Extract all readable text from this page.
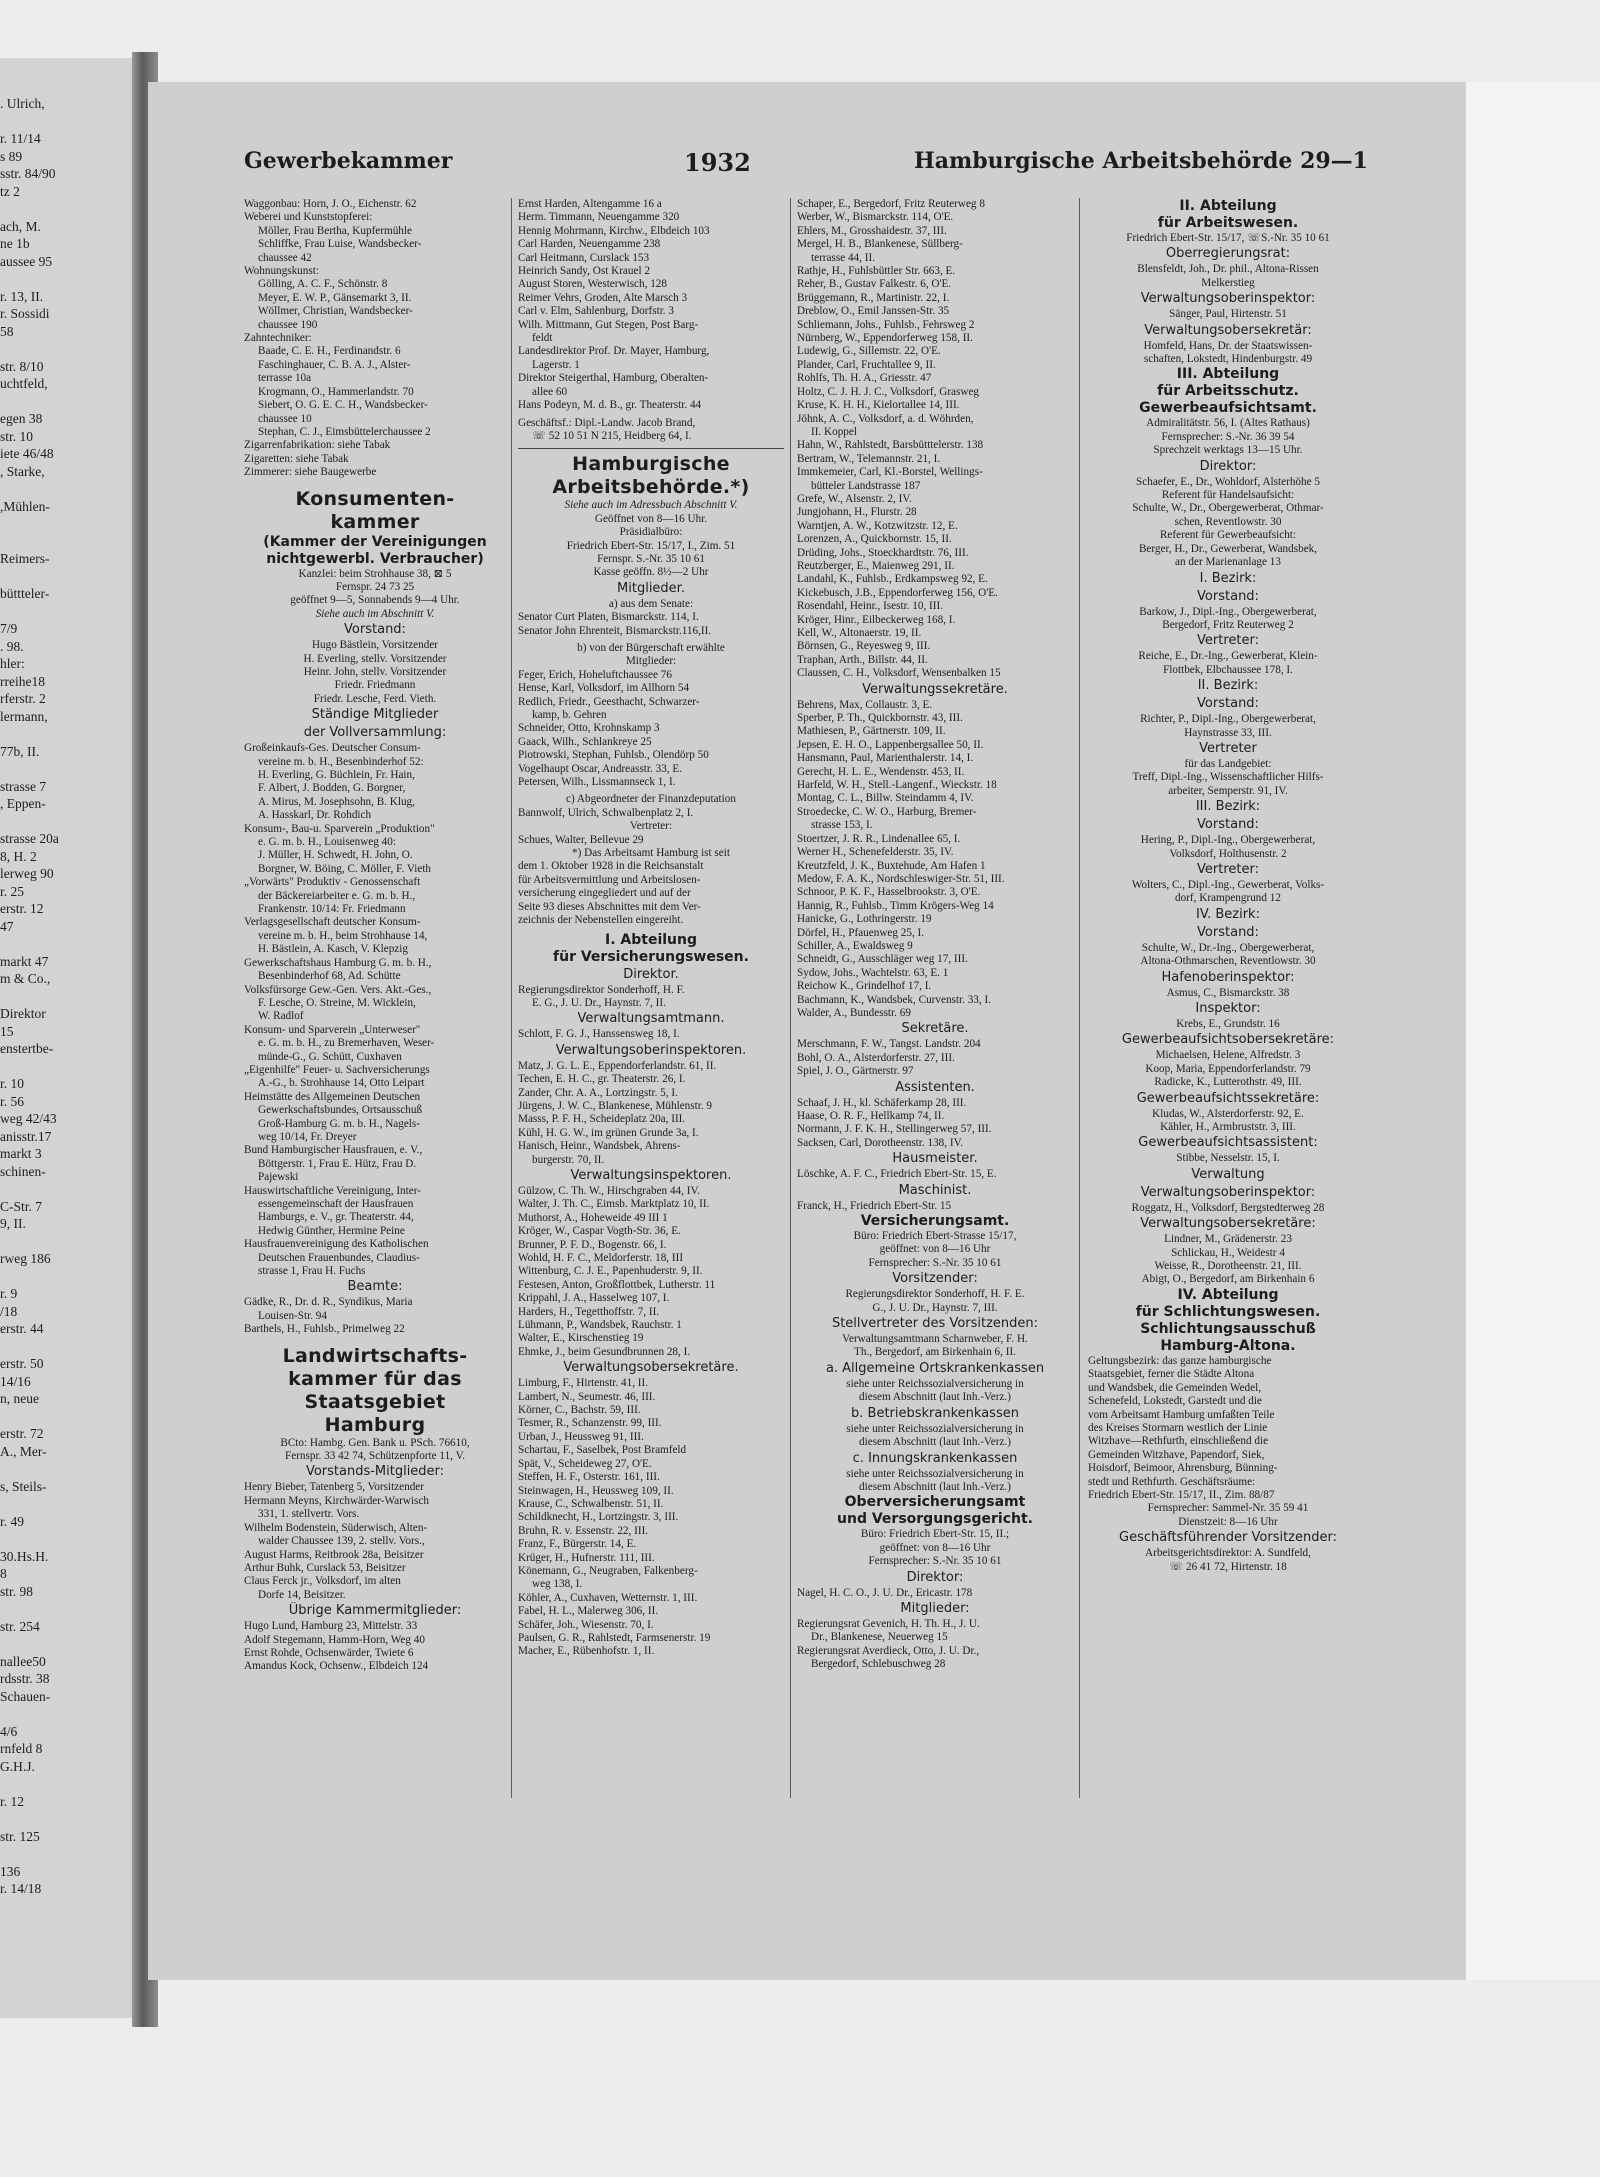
. Ulrich,
r. 11/14
s 89
sstr. 84/90
tz 2
ach, M.
ne 1b
aussee 95
r. 13, II.
r. Sossidi
58
str. 8/10
uchtfeld,
egen 38
str. 10
iete 46/48
, Starke,
,Mühlen-
Reimers-
büttteler-
7/9
. 98.
hler:
rreihe18
rferstr. 2
lermann,
77b, II.
strasse 7
, Eppen-
strasse 20a
8, H. 2
lerweg 90
r. 25
erstr. 12
47
markt 47
m & Co.,
Direktor
15
enstertbe-
r. 10
r. 56
weg 42/43
anisstr.17
markt 3
schinen-
C-Str. 7
9, II.
rweg 186
r. 9
/18
erstr. 44
erstr. 50
14/16
n, neue
erstr. 72
A., Mer-
s, Steils-
r. 49
30.Hs.H.
8
str. 98
str. 254
nallee50
rdsstr. 38
Schauen-
4/6
rnfeld 8
G.H.J.
r. 12
str. 125
136
r. 14/18
Gewerbekammer	1932	Hamburgische Arbeitsbehörde 29—1
Waggonbau: Horn, J. O., Eichenstr. 62
Weberei und Kunststopferei:
Möller, Frau Bertha, Kupfermühle
Schliffke, Frau Luise, Wandsbecker-
chaussee 42
Wohnungskunst:
Gölling, A. C. F., Schönstr. 8
Meyer, E. W. P., Gänsemarkt 3, II.
Wöllmer, Christian, Wandsbecker-
chaussee 190
Zahntechniker:
Baade, C. E. H., Ferdinandstr. 6
Faschinghauer, C. B. A. J., Alster-
terrasse 10a
Krogmann, O., Hammerlandstr. 70
Siebert, O. G. E. C. H., Wandsbecker-
chaussee 10
Stephan, C. J., Eimsbüttelerchaussee 2
Zigarrenfabrikation: siehe Tabak
Zigaretten: siehe Tabak
Zimmerer: siehe Baugewerbe
Konsumenten-
kammer
(Kammer der Vereinigungen
nichtgewerbl. Verbraucher)
Kanzlei: beim Strohhause 38, ⊠ 5
Fernspr. 24 73 25
geöffnet 9—5, Sonnabends 9—4 Uhr.
Siehe auch im Abschnitt V.
Vorstand:
Hugo Bästlein, Vorsitzender
H. Everling, stellv. Vorsitzender
Heinr. John, stellv. Vorsitzender
Friedr. Friedmann
Friedr. Lesche, Ferd. Vieth.
Ständige Mitglieder
der Vollversammlung:
Großeinkaufs-Ges. Deutscher Consum-
vereine m. b. H., Besenbinderhof 52:
H. Everling, G. Büchlein, Fr. Hain,
F. Albert, J. Bodden, G. Borgner,
A. Mirus, M. Josephsohn, B. Klug,
A. Hasskarl, Dr. Rohdich
Konsum-, Bau-u. Sparverein „Produktion"
e. G. m. b. H., Louisenweg 40:
J. Müller, H. Schwedt, H. John, O.
Borgner, W. Böing, C. Möller, F. Vieth
„Vorwärts" Produktiv - Genossenschaft
der Bäckereiarbeiter e. G. m. b. H.,
Frankenstr. 10/14: Fr. Friedmann
Verlagsgesellschaft deutscher Konsum-
vereine m. b. H., beim Strohhause 14,
H. Bästlein, A. Kasch, V. Klepzig
Gewerkschaftshaus Hamburg G. m. b. H.,
Besenbinderhof 68, Ad. Schütte
Volksfürsorge Gew.-Gen. Vers. Akt.-Ges.,
F. Lesche, O. Streine, M. Wicklein,
W. Radlof
Konsum- und Sparverein „Unterweser"
e. G. m. b. H., zu Bremerhaven, Weser-
münde-G., G. Schütt, Cuxhaven
„Eigenhilfe" Feuer- u. Sachversicherungs
A.-G., b. Strohhause 14, Otto Leipart
Heimstätte des Allgemeinen Deutschen
Gewerkschaftsbundes, Ortsausschuß
Groß-Hamburg G. m. b. H., Nagels-
weg 10/14, Fr. Dreyer
Bund Hamburgischer Hausfrauen, e. V.,
Böttgerstr. 1, Frau E. Hütz, Frau D.
Pajewski
Hauswirtschaftliche Vereinigung, Inter-
essengemeinschaft der Hausfrauen
Hamburgs, e. V., gr. Theaterstr. 44,
Hedwig Günther, Hermine Peine
Hausfrauenvereinigung des Katholischen
Deutschen Frauenbundes, Claudius-
strasse 1, Frau H. Fuchs
Beamte:
Gädke, R., Dr. d. R., Syndikus, Maria
Louisen-Str. 94
Barthels, H., Fuhlsb., Primelweg 22
Landwirtschafts-
kammer für das
Staatsgebiet
Hamburg
BCto: Hambg. Gen. Bank u. PSch. 76610,
Fernspr. 33 42 74, Schützenpforte 11, V.
Vorstands-Mitglieder:
Henry Bieber, Tatenberg 5, Vorsitzender
Hermann Meyns, Kirchwärder-Warwisch
331, 1. stellvertr. Vors.
Wilhelm Bodenstein, Süderwisch, Alten-
walder Chaussee 139, 2. stellv. Vors.,
August Harms, Reitbrook 28a, Beisitzer
Arthur Buhk, Curslack 53, Beisitzer
Claus Ferck jr., Volksdorf, im alten
Dorfe 14, Beisitzer.
Übrige Kammermitglieder:
Hugo Lund, Hamburg 23, Mittelstr. 33
Adolf Stegemann, Hamm-Horn, Weg 40
Ernst Rohde, Ochsenwärder, Twiete 6
Amandus Kock, Ochsenw., Elbdeich 124
Ernst Harden, Altengamme 16 a
Herm. Timmann, Neuengamme 320
Hennig Mohrmann, Kirchw., Elbdeich 103
Carl Harden, Neuengamme 238
Carl Heitmann, Curslack 153
Heinrich Sandy, Ost Krauel 2
August Storen, Westerwisch, 128
Reimer Vehrs, Groden, Alte Marsch 3
Carl v. Elm, Sahlenburg, Dorfstr. 3
Wilh. Mittmann, Gut Stegen, Post Barg-
feldt
Landesdirektor Prof. Dr. Mayer, Hamburg,
Lagerstr. 1
Direktor Steigerthal, Hamburg, Oberalten-
allee 60
Hans Podeyn, M. d. B., gr. Theaterstr. 44
Geschäftsf.: Dipl.-Landw. Jacob Brand,
☏ 52 10 51 N 215, Heidberg 64, I.
Hamburgische
Arbeitsbehörde.*)
Siehe auch im Adressbuch Abschnitt V.
Geöffnet von 8—16 Uhr.
Präsidialbüro:
Friedrich Ebert-Str. 15/17, I., Zim. 51
Fernspr. S.-Nr. 35 10 61
Kasse geöffn. 8½—2 Uhr
Mitglieder.
a) aus dem Senate:
Senator Curt Platen, Bismarckstr. 114, I.
Senator John Ehrenteit, Bismarckstr.116,II.
b) von der Bürgerschaft erwählte
Mitglieder:
Feger, Erich, Hoheluftchaussee 76
Hense, Karl, Volksdorf, im Allhorn 54
Redlich, Friedr., Geesthacht, Schwarzer-
kamp, b. Gehren
Schneider, Otto, Krohnskamp 3
Gaack, Wilh., Schlankreye 25
Piotrowski, Stephan, Fuhlsb., Olendörp 50
Vogelhaupt Oscar, Andreasstr. 33, E.
Petersen, Wilh., Lissmannseck 1, I.
c) Abgeordneter der Finanzdeputation
Bannwolf, Ulrich, Schwalbenplatz 2, I.
Vertreter:
Schues, Walter, Bellevue 29
*) Das Arbeitsamt Hamburg ist seit
dem 1. Oktober 1928 in die Reichsanstalt
für Arbeitsvermittlung und Arbeitslosen-
versicherung eingegliedert und auf der
Seite 93 dieses Abschnittes mit dem Ver-
zeichnis der Nebenstellen eingereiht.
I. Abteilung
für Versicherungswesen.
Direktor.
Regierungsdirektor Sonderhoff, H. F.
E. G., J. U. Dr., Haynstr. 7, II.
Verwaltungsamtmann.
Schlott, F. G. J., Hanssensweg 18, I.
Verwaltungsoberinspektoren.
Matz, J. G. L. E., Eppendorferlandstr. 61, II.
Techen, E. H. C., gr. Theaterstr. 26, I.
Zander, Chr. A. A., Lortzingstr. 5, I.
Jürgens, J. W. C., Blankenese, Mühlenstr. 9
Masss, P. F. H., Scheideplatz 20a, III.
Kühl, H. G. W., im grünen Grunde 3a, I.
Hanisch, Heinr., Wandsbek, Ahrens-
burgerstr. 70, II.
Verwaltungsinspektoren.
Gülzow, C. Th. W., Hirschgraben 44, IV.
Walter, J. Th. C., Eimsb. Marktplatz 10, II.
Muthorst, A., Hoheweide 49 III 1
Kröger, W., Caspar Vogth-Str. 36, E.
Brunner, P. F. D., Bogenstr. 66, I.
Wohld, H. F. C., Meldorferstr. 18, III
Wittenburg, C. J. E., Papenhuderstr. 9, II.
Festesen, Anton, Großflottbek, Lutherstr. 11
Krippahl, J. A., Hasselweg 107, I.
Harders, H., Tegetthoffstr. 7, II.
Lühmann, P., Wandsbek, Rauchstr. 1
Walter, E., Kirschenstieg 19
Ehmke, J., beim Gesundbrunnen 28, I.
Verwaltungsobersekretäre.
Limburg, F., Hirtenstr. 41, II.
Lambert, N., Seumestr. 46, III.
Körner, C., Bachstr. 59, III.
Tesmer, R., Schanzenstr. 99, III.
Urban, J., Heussweg 91, III.
Schartau, F., Saselbek, Post Bramfeld
Spät, V., Scheideweg 27, O'E.
Steffen, H. F., Osterstr. 161, III.
Steinwagen, H., Heussweg 109, II.
Krause, C., Schwalbenstr. 51, II.
Schildknecht, H., Lortzingstr. 3, III.
Bruhn, R. v. Essenstr. 22, III.
Franz, F., Bürgerstr. 14, E.
Krüger, H., Hufnerstr. 111, III.
Könemann, G., Neugraben, Falkenberg-
weg 138, I.
Köhler, A., Cuxhaven, Wetternstr. 1, III.
Fabel, H. L., Malerweg 306, II.
Schäfer, Joh., Wiesenstr. 70, I.
Paulsen, G. R., Rahlstedt, Farmsenerstr. 19
Macher, E., Rübenhofstr. 1, II.
Schaper, E., Bergedorf, Fritz Reuterweg 8
Werber, W., Bismarckstr. 114, O'E.
Ehlers, M., Grosshaidestr. 37, III.
Mergel, H. B., Blankenese, Süllberg-
terrasse 44, II.
Rathje, H., Fuhlsbüttler Str. 663, E.
Reher, B., Gustav Falkestr. 6, O'E.
Brüggemann, R., Martinistr. 22, I.
Dreblow, O., Emil Janssen-Str. 35
Schliemann, Johs., Fuhlsb., Fehrsweg 2
Nürnberg, W., Eppendorferweg 158, II.
Ludewig, G., Sillemstr. 22, O'E.
Plander, Carl, Fruchtallee 9, II.
Rohlfs, Th. H. A., Griesstr. 47
Holtz, C. J. H. J. C., Volksdorf, Grasweg
Kruse, K. H. H., Kielortallee 14, III.
Jöhnk, A. C., Volksdorf, a. d. Wöhrden,
II. Koppel
Hahn, W., Rahlstedt, Barsbütttelerstr. 138
Bertram, W., Telemannstr. 21, I.
Immkemeier, Carl, Kl.-Borstel, Wellings-
bütteler Landstrasse 187
Grefe, W., Alsenstr. 2, IV.
Jungjohann, H., Flurstr. 28
Warntjen, A. W., Kotzwitzstr. 12, E.
Lorenzen, A., Quickbornstr. 15, II.
Drüding, Johs., Stoeckhardtstr. 76, III.
Reutzberger, E., Maienweg 291, II.
Landahl, K., Fuhlsb., Erdkampsweg 92, E.
Kickebusch, J.B., Eppendorferweg 156, O'E.
Rosendahl, Heinr., Isestr. 10, III.
Kröger, Hinr., Eilbeckerweg 168, I.
Kell, W., Altonaerstr. 19, II.
Börnsen, G., Reyesweg 9, III.
Traphan, Arth., Billstr. 44, II.
Claussen, C. H., Volksdorf, Wensenbalken 15
Verwaltungssekretäre.
Behrens, Max, Collaustr. 3, E.
Sperber, P. Th., Quickbornstr. 43, III.
Mathiesen, P., Gärtnerstr. 109, II.
Jepsen, E. H. O., Lappenbergsallee 50, II.
Hansmann, Paul, Marienthalerstr. 14, I.
Gerecht, H. L. E., Wendenstr. 453, II.
Harfeld, W. H., Stell.-Langenf., Wieckstr. 18
Montag, C. L., Billw. Steindamm 4, IV.
Stroedecke, C. W. O., Harburg, Bremer-
strasse 153, I.
Stoertzer, J. R. R., Lindenallee 65, I.
Werner H., Schenefelderstr. 35, IV.
Kreutzfeld, J. K., Buxtehude, Am Hafen 1
Medow, F. A. K., Nordschleswiger-Str. 51, III.
Schnoor, P. K. F., Hasselbrookstr. 3, O'E.
Hannig, R., Fuhlsb., Timm Krögers-Weg 14
Hanicke, G., Lothringerstr. 19
Dörfel, H., Pfauenweg 25, I.
Schiller, A., Ewaldsweg 9
Schneidt, G., Ausschläger weg 17, III.
Sydow, Johs., Wachtelstr. 63, E. 1
Reichow K., Grindelhof 17, I.
Bachmann, K., Wandsbek, Curvenstr. 33, I.
Walder, A., Bundesstr. 69
Sekretäre.
Merschmann, F. W., Tangst. Landstr. 204
Bohl, O. A., Alsterdorferstr. 27, III.
Spiel, J. O., Gärtnerstr. 97
Assistenten.
Schaaf, J. H., kl. Schäferkamp 28, III.
Haase, O. R. F., Hellkamp 74, II.
Normann, J. F. K. H., Stellingerweg 57, III.
Sacksen, Carl, Dorotheenstr. 138, IV.
Hausmeister.
Löschke, A. F. C., Friedrich Ebert-Str. 15, E.
Maschinist.
Franck, H., Friedrich Ebert-Str. 15
Versicherungsamt.
Büro: Friedrich Ebert-Strasse 15/17,
geöffnet: von 8—16 Uhr
Fernsprecher: S.-Nr. 35 10 61
Vorsitzender:
Regierungsdirektor Sonderhoff, H. F. E.
G., J. U. Dr., Haynstr. 7, III.
Stellvertreter des Vorsitzenden:
Verwaltungsamtmann Scharnweber, F. H.
Th., Bergedorf, am Birkenhain 6, II.
a. Allgemeine Ortskrankenkassen
siehe unter Reichssozialversicherung in
diesem Abschnitt (laut Inh.-Verz.)
b. Betriebskrankenkassen
siehe unter Reichssozialversicherung in
diesem Abschnitt (laut Inh.-Verz.)
c. Innungskrankenkassen
siehe unter Reichssozialversicherung in
diesem Abschnitt (laut Inh.-Verz.)
Oberversicherungsamt
und Versorgungsgericht.
Büro: Friedrich Ebert-Str. 15, II.;
geöffnet: von 8—16 Uhr
Fernsprecher: S.-Nr. 35 10 61
Direktor:
Nagel, H. C. O., J. U. Dr., Ericastr. 178
Mitglieder:
Regierungsrat Gevenich, H. Th. H., J. U.
Dr., Blankenese, Neuerweg 15
Regierungsrat Averdieck, Otto, J. U. Dr.,
Bergedorf, Schlebuschweg 28
II. Abteilung
für Arbeitswesen.
Friedrich Ebert-Str. 15/17, ☏S.-Nr. 35 10 61
Oberregierungsrat:
Blensfeldt, Joh., Dr. phil., Altona-Rissen
Melkerstieg
Verwaltungsoberinspektor:
Sänger, Paul, Hirtenstr. 51
Verwaltungsobersekretär:
Homfeld, Hans, Dr. der Staatswissen-
schaften, Lokstedt, Hindenburgstr. 49
III. Abteilung
für Arbeitsschutz.
Gewerbeaufsichtsamt.
Admiralitätstr. 56, I. (Altes Rathaus)
Fernsprecher: S.-Nr. 36 39 54
Sprechzeit werktags 13—15 Uhr.
Direktor:
Schaefer, E., Dr., Wohldorf, Alsterhöhe 5
Referent für Handelsaufsicht:
Schulte, W., Dr., Obergewerberat, Othmar-
schen, Reventlowstr. 30
Referent für Gewerbeaufsicht:
Berger, H., Dr., Gewerberat, Wandsbek,
an der Marienanlage 13
I. Bezirk:
Vorstand:
Barkow, J., Dipl.-Ing., Obergewerberat,
Bergedorf, Fritz Reuterweg 2
Vertreter:
Reiche, E., Dr.-Ing., Gewerberat, Klein-
Flottbek, Elbchaussee 178, I.
II. Bezirk:
Vorstand:
Richter, P., Dipl.-Ing., Obergewerberat,
Haynstrasse 33, III.
Vertreter
für das Landgebiet:
Treff, Dipl.-Ing., Wissenschaftlicher Hilfs-
arbeiter, Semperstr. 91, IV.
III. Bezirk:
Vorstand:
Hering, P., Dipl.-Ing., Obergewerberat,
Volksdorf, Holthusenstr. 2
Vertreter:
Wolters, C., Dipl.-Ing., Gewerberat, Volks-
dorf, Krampengrund 12
IV. Bezirk:
Vorstand:
Schulte, W., Dr.-Ing., Obergewerberat,
Altona-Othmarschen, Reventlowstr. 30
Hafenoberinspektor:
Asmus, C., Bismarckstr. 38
Inspektor:
Krebs, E., Grundstr. 16
Gewerbeaufsichtsobersekretäre:
Michaelsen, Helene, Alfredstr. 3
Koop, Maria, Eppendorferlandstr. 79
Radicke, K., Lutterothstr. 49, III.
Gewerbeaufsichtssekretäre:
Kludas, W., Alsterdorferstr. 92, E.
Kähler, H., Armbruststr. 3, III.
Gewerbeaufsichtsassistent:
Stibbe, Nesselstr. 15, I.
Verwaltung
Verwaltungsoberinspektor:
Roggatz, H., Volksdorf, Bergstedterweg 28
Verwaltungsobersekretäre:
Lindner, M., Grädenerstr. 23
Schlickau, H., Weidestr 4
Weisse, R., Dorotheenstr. 21, III.
Abigt, O., Bergedorf, am Birkenhain 6
IV. Abteilung
für Schlichtungswesen.
Schlichtungsausschuß
Hamburg-Altona.
Geltungsbezirk: das ganze hamburgische
Staatsgebiet, ferner die Städte Altona
und Wandsbek, die Gemeinden Wedel,
Schenefeld, Lokstedt, Garstedt und die
vom Arbeitsamt Hamburg umfaßten Teile
des Kreises Stormarn westlich der Linie
Witzhave—Rethfurth, einschließend die
Gemeinden Witzhave, Papendorf, Siek,
Hoisdorf, Beimoor, Ahrensburg, Bünning-
stedt und Rethfurth. Geschäftsräume:
Friedrich Ebert-Str. 15/17, II., Zim. 88/87
Fernsprecher: Sammel-Nr. 35 59 41
Dienstzeit: 8—16 Uhr
Geschäftsführender Vorsitzender:
Arbeitsgerichtsdirektor: A. Sundfeld,
☏ 26 41 72, Hirtenstr. 18
